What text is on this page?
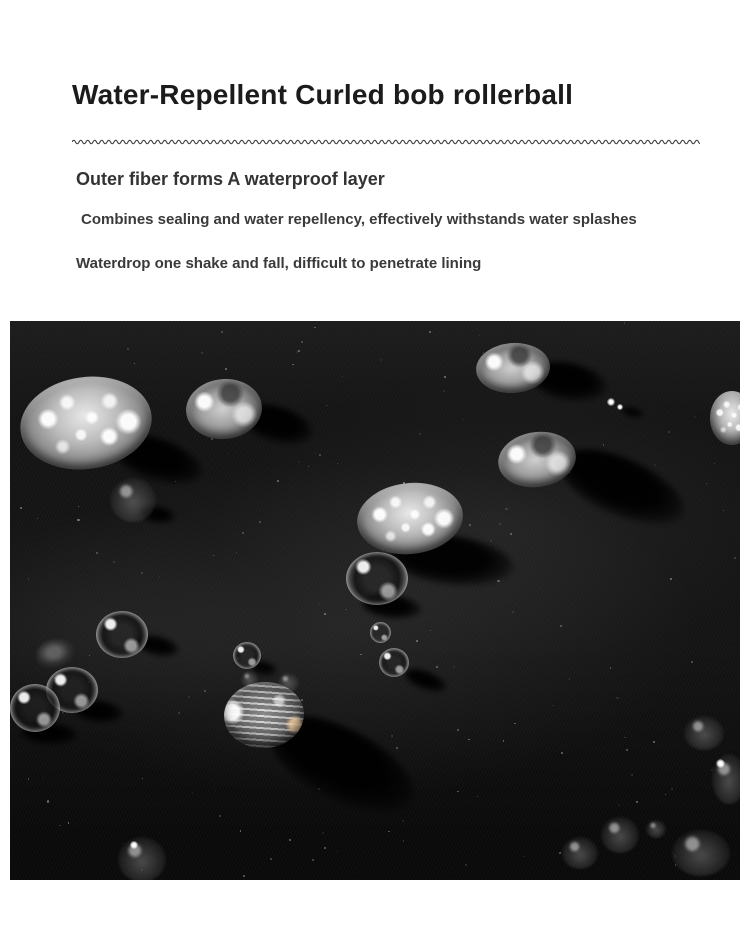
Water-Repellent Curled bob rollerball
Outer fiber forms A waterproof layer

Combines sealing and water repellency, effectively withstands water splashes

Waterdrop one shake and fall, difficult to penetrate lining
